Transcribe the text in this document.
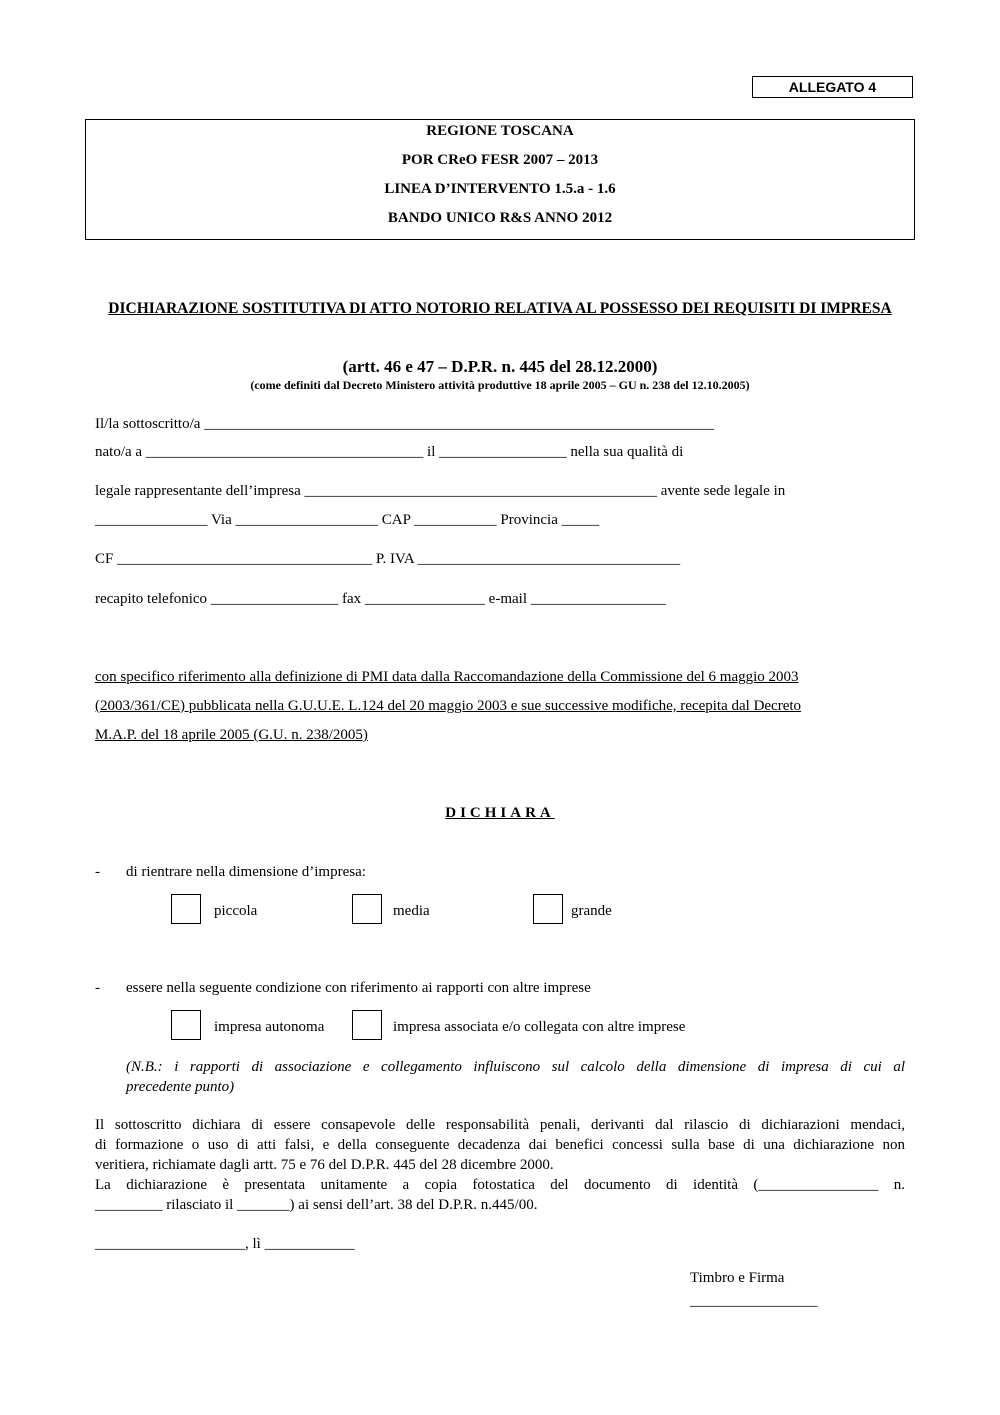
ALLEGATO 4
REGIONE TOSCANA
POR CReO FESR 2007 – 2013
LINEA D’INTERVENTO 1.5.a - 1.6
BANDO UNICO R&S ANNO 2012
DICHIARAZIONE SOSTITUTIVA DI ATTO NOTORIO RELATIVA AL POSSESSO DEI REQUISITI DI IMPRESA
(artt. 46 e 47 – D.P.R. n. 445 del 28.12.2000)
(come definiti dal Decreto Ministero attività produttive 18 aprile 2005 – GU n. 238 del 12.10.2005)
Il/la sottoscritto/a ____________________________________________________________________
nato/a a _____________________________________ il _________________ nella sua qualità di
legale rappresentante dell’impresa _______________________________________________ avente sede legale in
_______________ Via ___________________ CAP ___________ Provincia _____
CF __________________________________ P. IVA ___________________________________
recapito telefonico _________________ fax ________________ e-mail __________________
con specifico riferimento alla definizione di PMI data dalla Raccomandazione della Commissione del 6 maggio 2003
(2003/361/CE) pubblicata nella G.U.U.E. L.124 del 20 maggio 2003 e sue successive modifiche, recepita dal Decreto
M.A.P. del 18 aprile 2005 (G.U. n. 238/2005)
DICHIARA
- di rientrare nella dimensione d’impresa:
piccola	media	grande
- essere nella seguente condizione con riferimento ai rapporti con altre imprese
impresa autonoma	impresa associata e/o collegata con altre imprese
(N.B.: i rapporti di associazione e collegamento influiscono sul calcolo della dimensione di impresa di cui al
precedente punto)
Il sottoscritto dichiara di essere consapevole delle responsabilità penali, derivanti dal rilascio di dichiarazioni mendaci,
di formazione o uso di atti falsi, e della conseguente decadenza dai benefici concessi sulla base di una dichiarazione non
veritiera, richiamate dagli artt. 75 e 76 del D.P.R. 445 del 28 dicembre 2000.
La dichiarazione è presentata unitamente a copia fotostatica del documento di identità (________________ n.
_________ rilasciato il _______) ai sensi dell’art. 38 del D.P.R. n.445/00.
____________________, lì ____________
Timbro e Firma
_________________
